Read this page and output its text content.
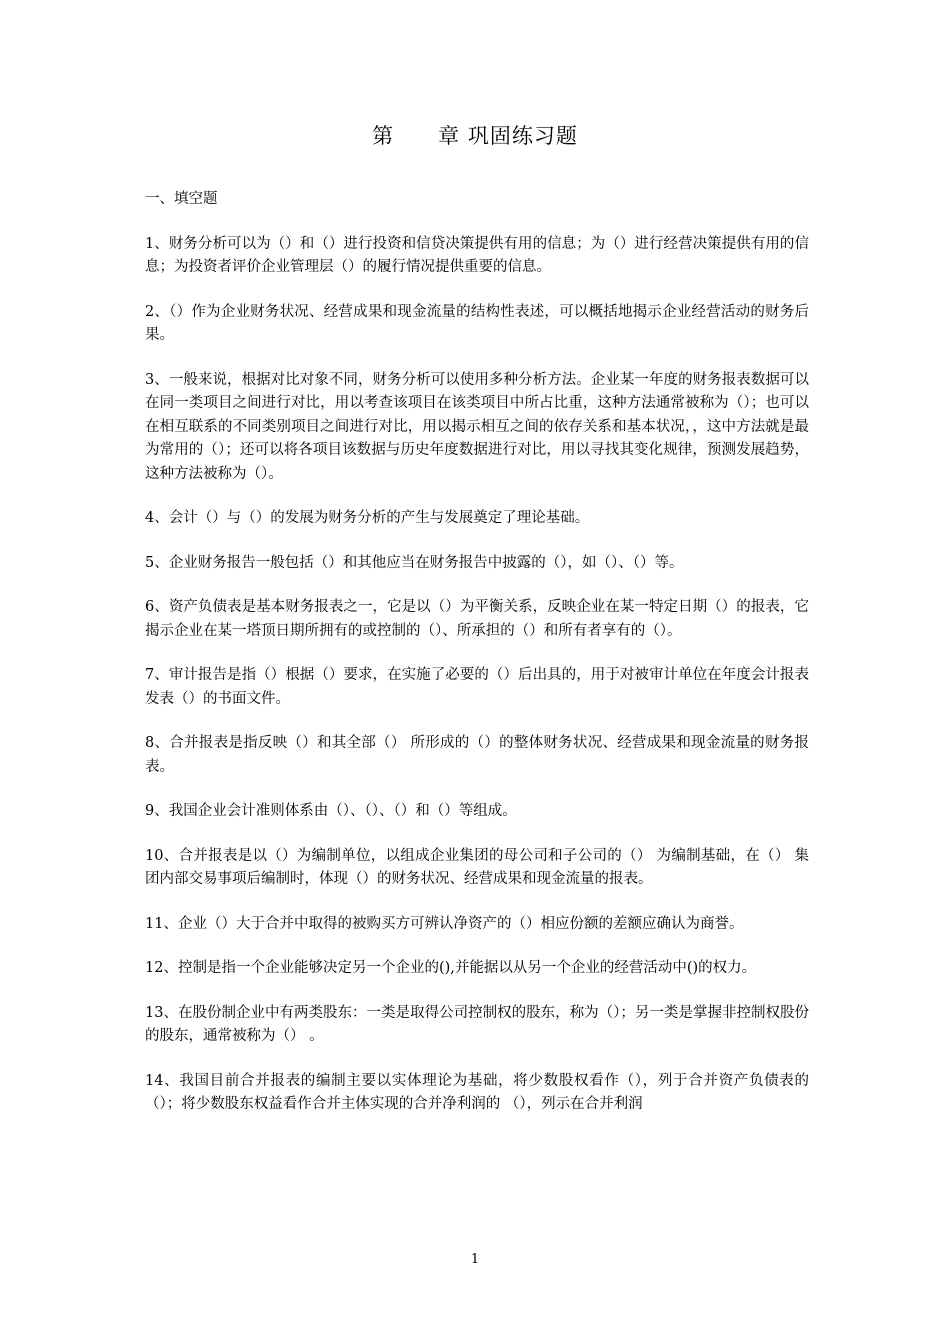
第　　章 巩固练习题
一、填空题
1、财务分析可以为（）和（）进行投资和信贷决策提供有用的信息；为（）进行经营决策提供有用的信息；为投资者评价企业管理层（）的履行情况提供重要的信息。
2、（）作为企业财务状况、经营成果和现金流量的结构性表述，可以概括地揭示企业经营活动的财务后果。
3、一般来说，根据对比对象不同，财务分析可以使用多种分析方法。企业某一年度的财务报表数据可以在同一类项目之间进行对比，用以考查该项目在该类项目中所占比重，这种方法通常被称为（）；也可以在相互联系的不同类别项目之间进行对比，用以揭示相互之间的依存关系和基本状况，，这中方法就是最为常用的（）；还可以将各项目该数据与历史年度数据进行对比，用以寻找其变化规律，预测发展趋势，这种方法被称为（）。
4、会计（）与（）的发展为财务分析的产生与发展奠定了理论基础。
5、企业财务报告一般包括（）和其他应当在财务报告中披露的（），如（）、（）等。
6、资产负债表是基本财务报表之一，它是以（）为平衡关系，反映企业在某一特定日期（）的报表，它揭示企业在某一塔顶日期所拥有的或控制的（）、所承担的（）和所有者享有的（）。
7、审计报告是指（）根据（）要求，在实施了必要的（）后出具的，用于对被审计单位在年度会计报表发表（）的书面文件。
8、合并报表是指反映（）和其全部（） 所形成的（）的整体财务状况、经营成果和现金流量的财务报表。
9、我国企业会计准则体系由（）、（）、（）和（）等组成。
10、合并报表是以（）为编制单位，以组成企业集团的母公司和子公司的（） 为编制基础，在（） 集团内部交易事项后编制时，体现（）的财务状况、经营成果和现金流量的报表。
11、企业（）大于合并中取得的被购买方可辨认净资产的（）相应份额的差额应确认为商誉。
12、控制是指一个企业能够决定另一个企业的(),并能据以从另一个企业的经营活动中()的权力。
13、在股份制企业中有两类股东：一类是取得公司控制权的股东，称为（）；另一类是掌握非控制权股份的股东，通常被称为（） 。
14、我国目前合并报表的编制主要以实体理论为基础，将少数股权看作（），列于合并资产负债表的（）；将少数股东权益看作合并主体实现的合并净利润的 （），列示在合并利润
1
